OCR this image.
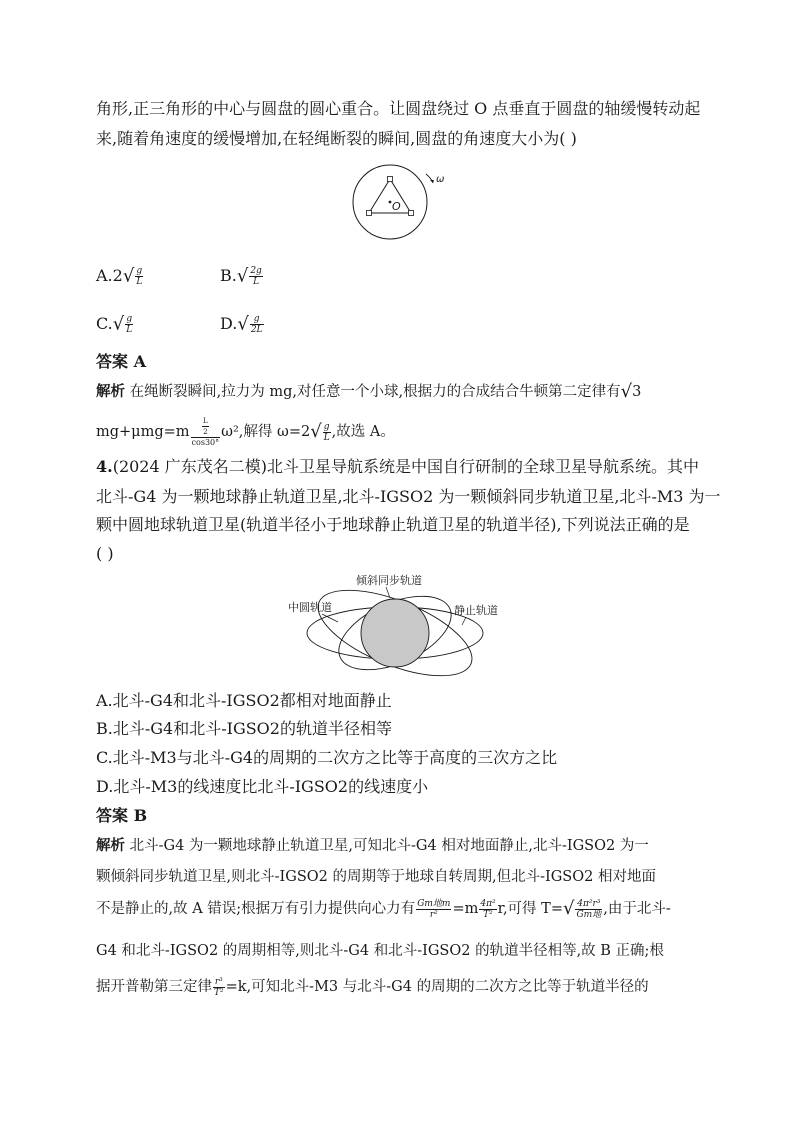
角形,正三角形的中心与圆盘的圆心重合。让圆盘绕过 O 点垂直于圆盘的轴缓慢转动起
来,随着角速度的缓慢增加,在轻绳断裂的瞬间,圆盘的角速度大小为( )
O
ω
$A.2√ \frac{g}{L}$	$B.√ \frac{2g}{L}$
$C.√ \frac{g}{L}$	$D.√ \frac{g}{2L}$
答案 A
解析 在绳断裂瞬间,拉力为 mg,对任意一个小球,根据力的合成结合牛顿第二定律有√3
$mg+\mu mg=m \frac{\frac{L}{2}}{\cos 30^\circ} \omega^2$,解得 $\omega=2√ \frac{g}{L}$ ,故选 A。
4.(2024 广东茂名二模)北斗卫星导航系统是中国自行研制的全球卫星导航系统。其中
北斗-G4 为一颗地球静止轨道卫星,北斗-IGSO2 为一颗倾斜同步轨道卫星,北斗-M3 为一
颗中圆地球轨道卫星(轨道半径小于地球静止轨道卫星的轨道半径),下列说法正确的是
( )
倾斜同步轨道
中圆轨道	静止轨道
A.北斗-G4和北斗-IGSO2都相对地面静止
B.北斗-G4和北斗-IGSO2的轨道半径相等
C.北斗-M3与北斗-G4的周期的二次方之比等于高度的三次方之比
D.北斗-M3的线速度比北斗-IGSO2的线速度小
答案 B
解析 北斗-G4 为一颗地球静止轨道卫星,可知北斗-G4 相对地面静止,北斗-IGSO2 为一
颗倾斜同步轨道卫星,则北斗-IGSO2 的周期等于地球自转周期,但北斗-IGSO2 相对地面
不是静止的,故 A 错误;根据万有引力提供向心力有 $\frac{\text{Gm地m}}{\text{r²}} =m \frac{\text{4π²}}{\text{T²}} r$,可得 $T=√ \frac{\text{4π²r³}}{\text{Gm地}}$ ,由于北斗-
G4 和北斗-IGSO2 的周期相等,则北斗-G4 和北斗-IGSO2 的轨道半径相等,故 B 正确;根
据开普勒第三定律 $\frac{\text{r³}}{\text{T²}} =k$,可知北斗-M3 与北斗-G4 的周期的二次方之比等于轨道半径的
